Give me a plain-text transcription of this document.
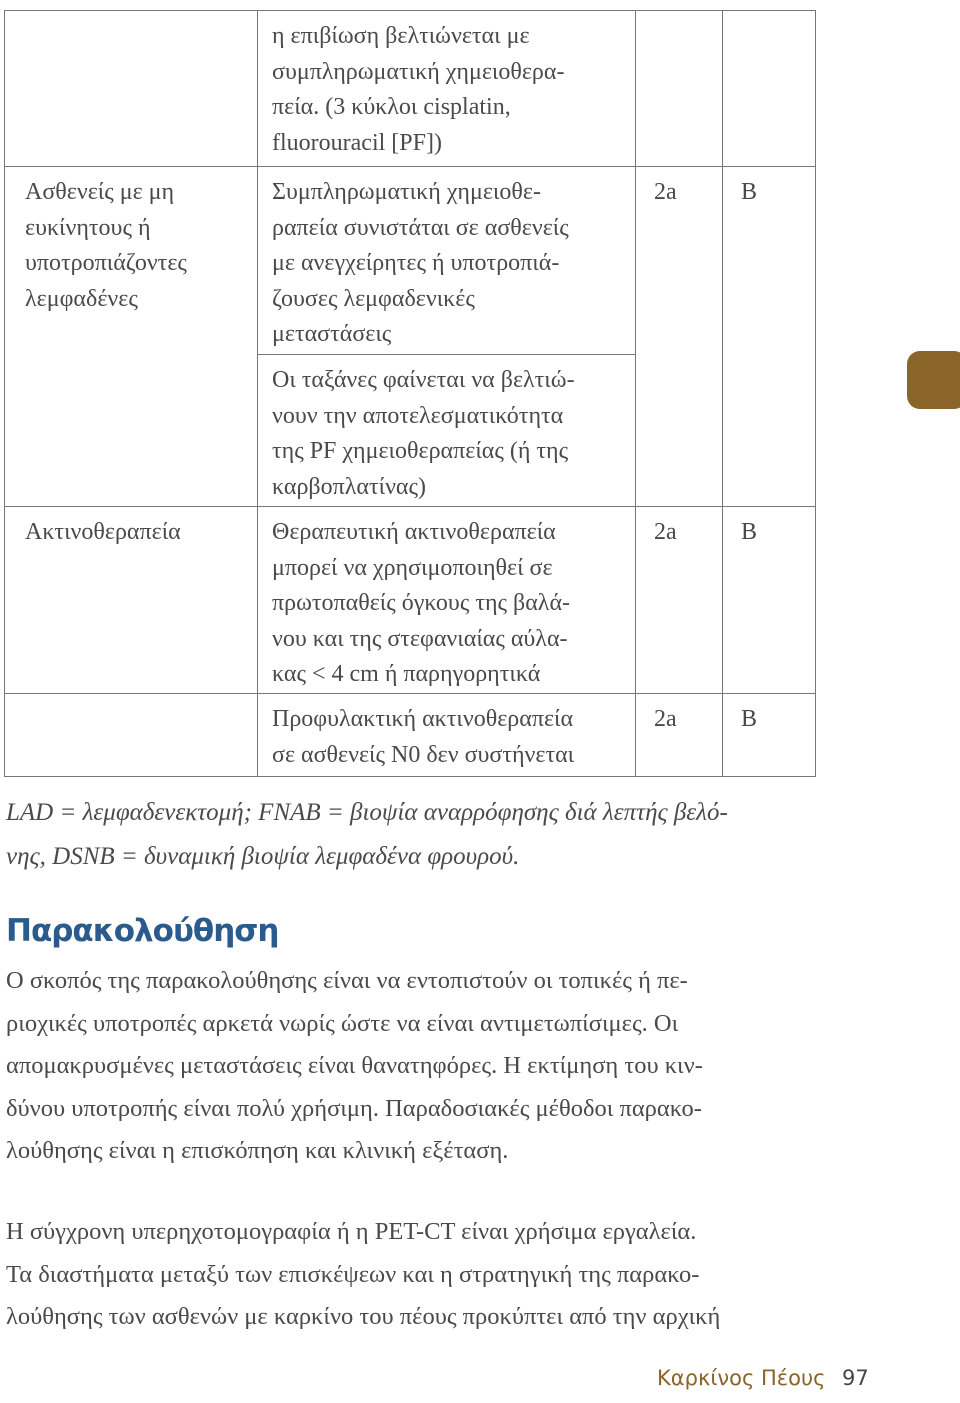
	η επιβίωση βελτιώνεται με
συμπληρωματική χημειοθερα-
πεία. (3 κύκλοι cisplatin,
fluorouracil [PF])		
Ασθενείς με μη
ευκίνητους ή
υποτροπιάζοντες
λεμφαδένες	Συμπληρωματική χημειοθε-
ραπεία συνιστάται σε ασθενείς
με ανεγχείρητες ή υποτροπιά-
ζουσες λεμφαδενικές
μεταστάσεις	2a	B
	Οι ταξάνες φαίνεται να βελτιώ-
νουν την αποτελεσματικότητα
της PF χημειοθεραπείας (ή της
καρβοπλατίνας)		
Ακτινοθεραπεία	Θεραπευτική ακτινοθεραπεία
μπορεί να χρησιμοποιηθεί σε
πρωτοπαθείς όγκους της βαλά-
νου και της στεφανιαίας αύλα-
κας < 4 cm ή παρηγορητικά	2a	B
	Προφυλακτική ακτινοθεραπεία
σε ασθενείς N0 δεν συστήνεται	2a	B
LAD = λεμφαδενεκτομή; FNAB = βιοψία αναρρόφησης διά λεπτής βελό-
νης, DSNB = δυναμική βιοψία λεμφαδένα φρουρού.
Παρακολούθηση

Ο σκοπός της παρακολούθησης είναι να εντοπιστούν οι τοπικές ή πε-
ριοχικές υποτροπές αρκετά νωρίς ώστε να είναι αντιμετωπίσιμες. Οι
απομακρυσμένες μεταστάσεις είναι θανατηφόρες. Η εκτίμηση του κιν-
δύνου υποτροπής είναι πολύ χρήσιμη. Παραδοσιακές μέθοδοι παρακο-
λούθησης είναι η επισκόπηση και κλινική εξέταση.

Η σύγχρονη υπερηχοτομογραφία ή η PET-CT είναι χρήσιμα εργαλεία.
Τα διαστήματα μεταξύ των επισκέψεων και η στρατηγική της παρακο-
λούθησης των ασθενών με καρκίνο του πέους προκύπτει από την αρχική

Καρκίνος Πέους 97
